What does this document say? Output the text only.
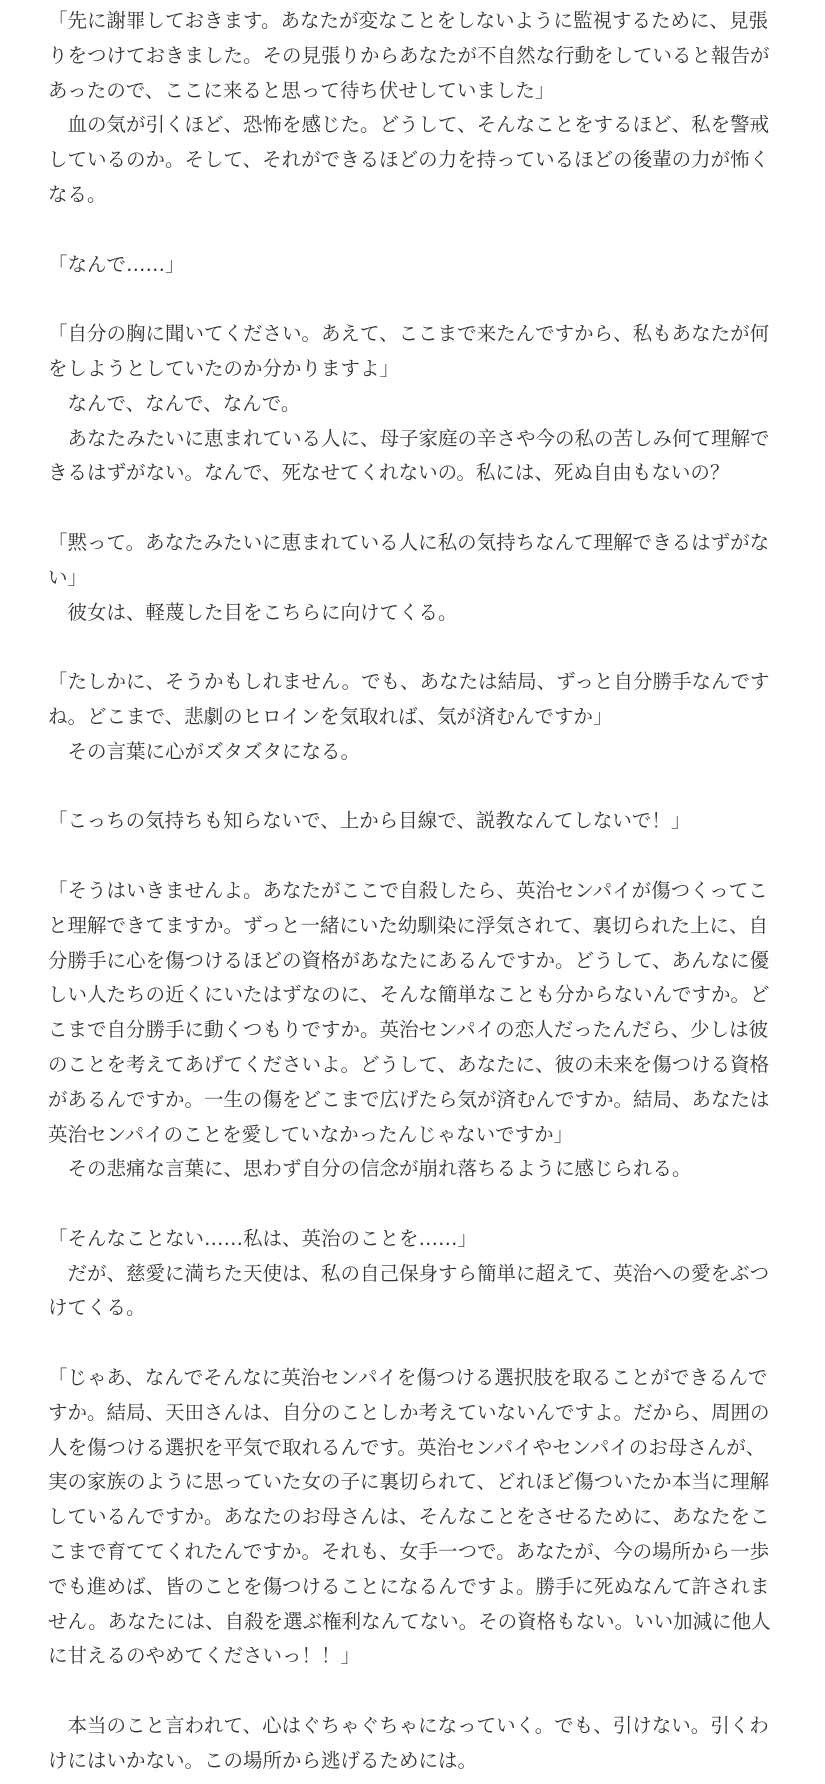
「先に謝罪しておきます。あなたが変なことをしないように監視するために、見張りをつけておきました。その見張りからあなたが不自然な行動をしていると報告があったので、ここに来ると思って待ち伏せしていました」

　血の気が引くほど、恐怖を感じた。どうして、そんなことをするほど、私を警戒しているのか。そして、それができるほどの力を持っているほどの後輩の力が怖くなる。

「なんで……」

「自分の胸に聞いてください。あえて、ここまで来たんですから、私もあなたが何をしようとしていたのか分かりますよ」

　なんで、なんで、なんで。

　あなたみたいに恵まれている人に、母子家庭の辛さや今の私の苦しみ何て理解できるはずがない。なんで、死なせてくれないの。私には、死ぬ自由もないの？

「黙って。あなたみたいに恵まれている人に私の気持ちなんて理解できるはずがない」

　彼女は、軽蔑した目をこちらに向けてくる。

「たしかに、そうかもしれません。でも、あなたは結局、ずっと自分勝手なんですね。どこまで、悲劇のヒロインを気取れば、気が済むんですか」

　その言葉に心がズタズタになる。

「こっちの気持ちも知らないで、上から目線で、説教なんてしないで！」

「そうはいきませんよ。あなたがここで自殺したら、英治センパイが傷つくってこと理解できてますか。ずっと一緒にいた幼馴染に浮気されて、裏切られた上に、自分勝手に心を傷つけるほどの資格があなたにあるんですか。どうして、あんなに優しい人たちの近くにいたはずなのに、そんな簡単なことも分からないんですか。どこまで自分勝手に動くつもりですか。英治センパイの恋人だったんだら、少しは彼のことを考えてあげてくださいよ。どうして、あなたに、彼の未来を傷つける資格があるんですか。一生の傷をどこまで広げたら気が済むんですか。結局、あなたは英治センパイのことを愛していなかったんじゃないですか」

　その悲痛な言葉に、思わず自分の信念が崩れ落ちるように感じられる。

「そんなことない……私は、英治のことを……」

　だが、慈愛に満ちた天使は、私の自己保身すら簡単に超えて、英治への愛をぶつけてくる。

「じゃあ、なんでそんなに英治センパイを傷つける選択肢を取ることができるんですか。結局、天田さんは、自分のことしか考えていないんですよ。だから、周囲の人を傷つける選択を平気で取れるんです。英治センパイやセンパイのお母さんが、実の家族のように思っていた女の子に裏切られて、どれほど傷ついたか本当に理解しているんですか。あなたのお母さんは、そんなことをさせるために、あなたをここまで育ててくれたんですか。それも、女手一つで。あなたが、今の場所から一歩でも進めば、皆のことを傷つけることになるんですよ。勝手に死ぬなんて許されません。あなたには、自殺を選ぶ権利なんてない。その資格もない。いい加減に他人に甘えるのやめてくださいっ！！」

　本当のこと言われて、心はぐちゃぐちゃになっていく。でも、引けない。引くわけにはいかない。この場所から逃げるためには。
